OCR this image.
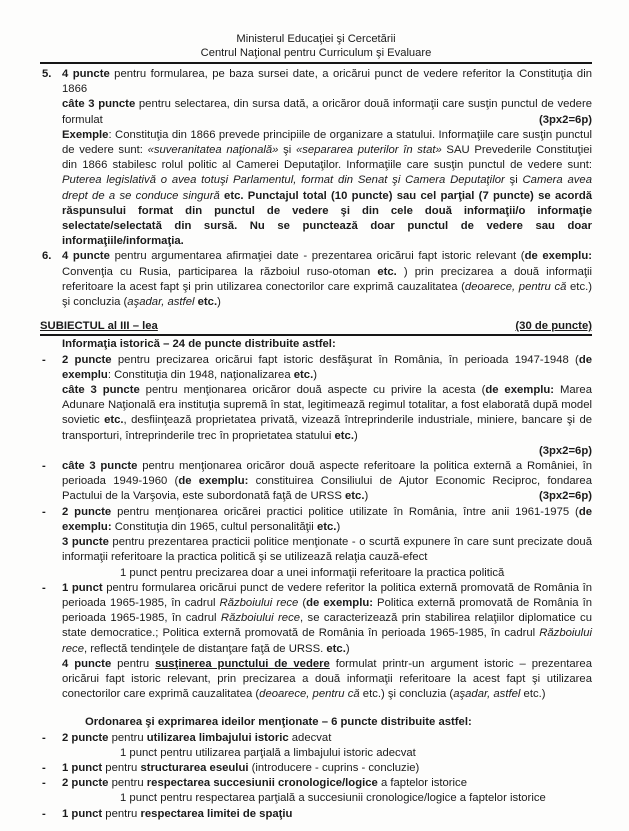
Ministerul Educaţiei şi Cercetării
Centrul Naţional pentru Curriculum şi Evaluare
5. 4 puncte pentru formularea, pe baza sursei date, a oricărui punct de vedere referitor la Constituţia din 1866
câte 3 puncte pentru selectarea, din sursa dată, a oricăror două informaţii care susţin punctul de vedere formulat	(3px2=6p)
Exemple: Constituţia din 1866 prevede principiile de organizare a statului. Informaţiile care susţin punctul de vedere sunt: «suveranitatea naţională» şi «separarea puterilor în stat» SAU Prevederile Constituţiei din 1866 stabilesc rolul politic al Camerei Deputaţilor. Informaţiile care susţin punctul de vedere sunt: Puterea legislativă o avea totuşi Parlamentul, format din Senat şi Camera Deputaţilor şi Camera avea drept de a se conduce singură etc. Punctajul total (10 puncte) sau cel parţial (7 puncte) se acordă răspunsului format din punctul de vedere şi din cele două informaţii/o informaţie selectate/selectată din sursă. Nu se punctează doar punctul de vedere sau doar informaţiile/informaţia.
6. 4 puncte pentru argumentarea afirmaţiei date - prezentarea oricărui fapt istoric relevant (de exemplu: Convenţia cu Rusia, participarea la războiul ruso-otoman etc. ) prin precizarea a două informaţii referitoare la acest fapt şi prin utilizarea conectorilor care exprimă cauzalitatea (deoarece, pentru că etc.) şi concluzia (aşadar, astfel etc.)
SUBIECTUL al III – lea	(30 de puncte)
Informaţia istorică – 24 de puncte distribuite astfel:
- 2 puncte pentru precizarea oricărui fapt istoric desfăşurat în România, în perioada 1947-1948 (de exemplu: Constituţia din 1948, naţionalizarea etc.)
câte 3 puncte pentru menţionarea oricăror două aspecte cu privire la acesta (de exemplu: Marea Adunare Naţională era instituţia supremă în stat, legitimează regimul totalitar, a fost elaborată după model sovietic etc., desfiinţează proprietatea privată, vizează întreprinderile industriale, miniere, bancare şi de transporturi, întreprinderile trec în proprietatea statului etc.)
(3px2=6p)
- câte 3 puncte pentru menţionarea oricăror două aspecte referitoare la politica externă a României, în perioada 1949-1960 (de exemplu: constituirea Consiliului de Ajutor Economic Reciproc, fondarea Pactului de la Varşovia, este subordonată faţă de URSS etc.)	(3px2=6p)
- 2 puncte pentru menţionarea oricărei practici politice utilizate în România, între anii 1961-1975 (de exemplu: Constituţia din 1965, cultul personalităţii etc.)
3 puncte pentru prezentarea practicii politice menţionate - o scurtă expunere în care sunt precizate două informaţii referitoare la practica politică şi se utilizează relaţia cauză-efect
1 punct pentru precizarea doar a unei informaţii referitoare la practica politică
- 1 punct pentru formularea oricărui punct de vedere referitor la politica externă promovată de România în perioada 1965-1985, în cadrul Războiului rece (de exemplu: Politica externă promovată de România în perioada 1965-1985, în cadrul Războiului rece, se caracterizează prin stabilirea relaţiilor diplomatice cu state democratice.; Politica externă promovată de România în perioada 1965-1985, în cadrul Războiului rece, reflectă tendinţele de distanţare faţă de URSS. etc.)
4 puncte pentru susţinerea punctului de vedere formulat printr-un argument istoric – prezentarea oricărui fapt istoric relevant, prin precizarea a două informaţii referitoare la acest fapt şi utilizarea conectorilor care exprimă cauzalitatea (deoarece, pentru că etc.) şi concluzia (aşadar, astfel etc.)
Ordonarea şi exprimarea ideilor menţionate – 6 puncte distribuite astfel:
- 2 puncte pentru utilizarea limbajului istoric adecvat
1 punct pentru utilizarea parţială a limbajului istoric adecvat
- 1 punct pentru structurarea eseului (introducere - cuprins - concluzie)
- 2 puncte pentru respectarea succesiunii cronologice/logice a faptelor istorice
1 punct pentru respectarea parţială a succesiunii cronologice/logice a faptelor istorice
- 1 punct pentru respectarea limitei de spaţiu
